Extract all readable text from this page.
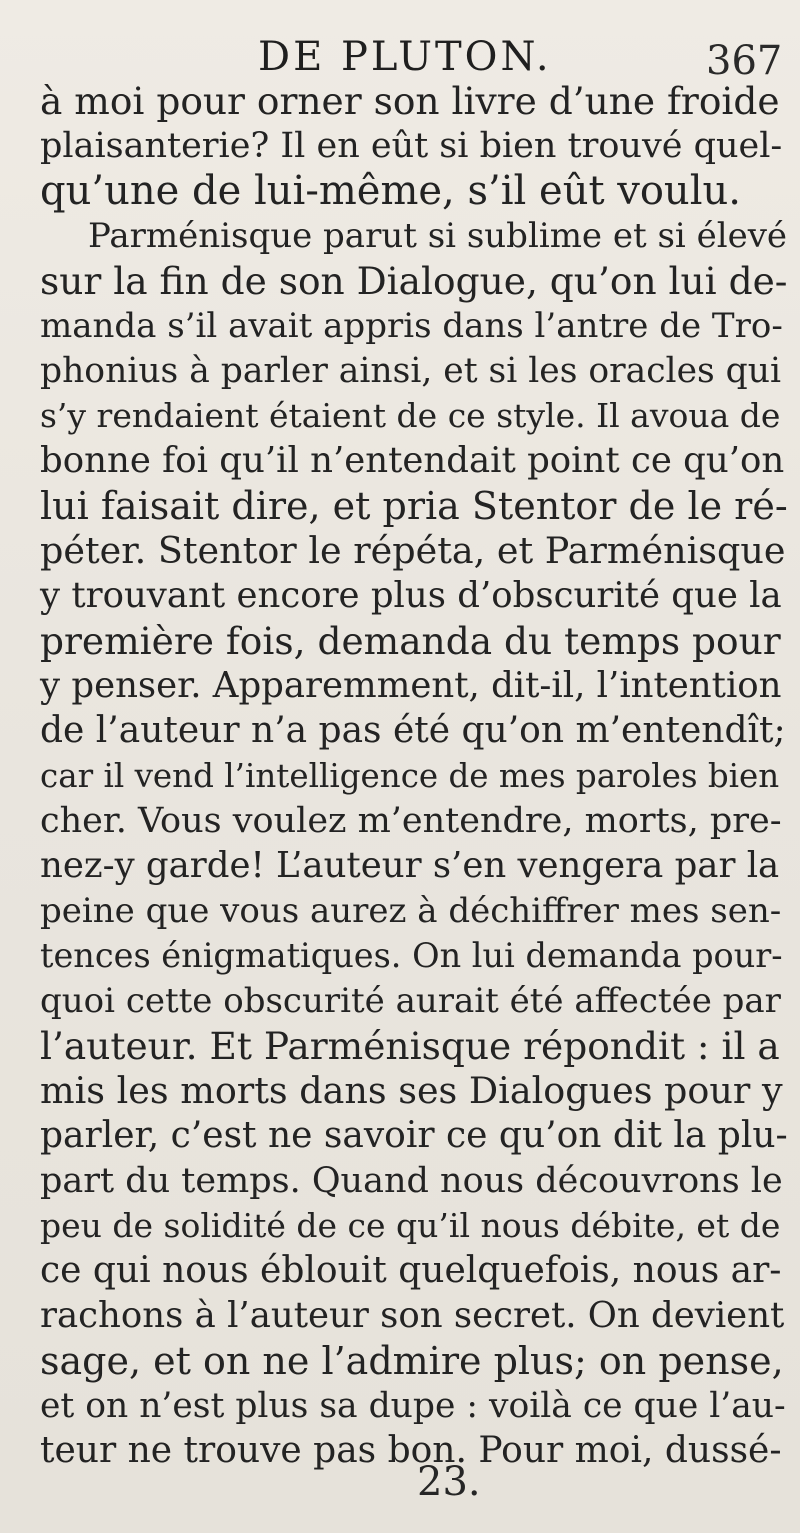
DE PLUTON.	367
à moi pour orner son livre d’une froide
plaisanterie? Il en eût si bien trouvé quel-
qu’une de lui-même, s’il eût voulu.
Parménisque parut si sublime et si élevé
sur la fin de son Dialogue, qu’on lui de-
manda s’il avait appris dans l’antre de Tro-
phonius à parler ainsi, et si les oracles qui
s’y rendaient étaient de ce style. Il avoua de
bonne foi qu’il n’entendait point ce qu’on
lui faisait dire, et pria Stentor de le ré-
péter. Stentor le répéta, et Parménisque
y trouvant encore plus d’obscurité que la
première fois, demanda du temps pour
y penser. Apparemment, dit-il, l’intention
de l’auteur n’a pas été qu’on m’entendît;
car il vend l’intelligence de mes paroles bien
cher. Vous voulez m’entendre, morts, pre-
nez-y garde! L’auteur s’en vengera par la
peine que vous aurez à déchiffrer mes sen-
tences énigmatiques. On lui demanda pour-
quoi cette obscurité aurait été affectée par
l’auteur. Et Parménisque répondit : il a
mis les morts dans ses Dialogues pour y
parler, c’est ne savoir ce qu’on dit la plu-
part du temps. Quand nous découvrons le
peu de solidité de ce qu’il nous débite, et de
ce qui nous éblouit quelquefois, nous ar-
rachons à l’auteur son secret. On devient
sage, et on ne l’admire plus; on pense,
et on n’est plus sa dupe : voilà ce que l’au-
teur ne trouve pas bon. Pour moi, dussé-
23.
